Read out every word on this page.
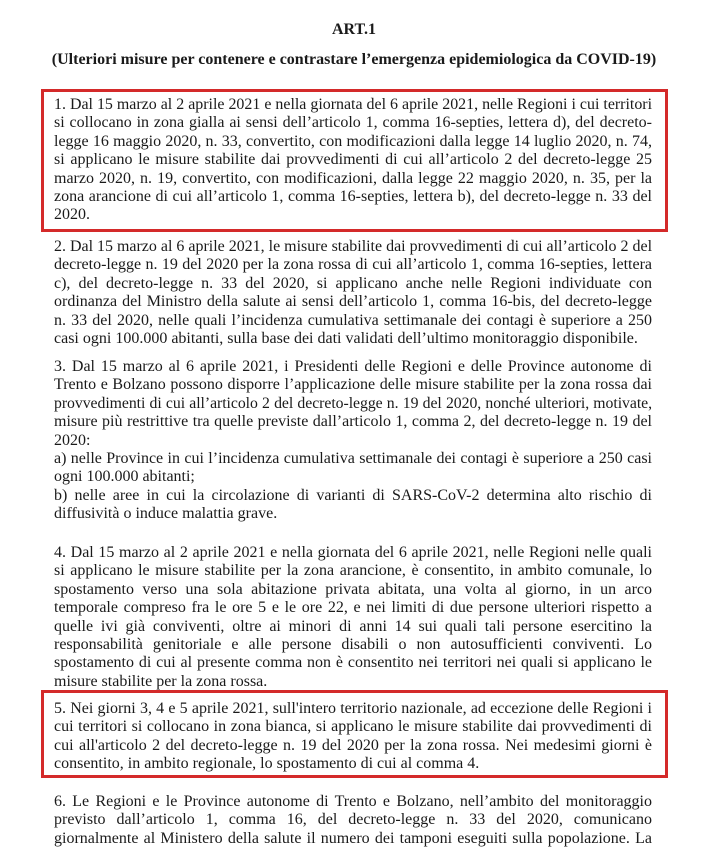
ART.1
(Ulteriori misure per contenere e contrastare l’emergenza epidemiologica da COVID-19)
1. Dal 15 marzo al 2 aprile 2021 e nella giornata del 6 aprile 2021, nelle Regioni i cui territori
si collocano in zona gialla ai sensi dell’articolo 1, comma 16-septies, lettera d), del decreto-
legge 16 maggio 2020, n. 33, convertito, con modificazioni dalla legge 14 luglio 2020, n. 74,
si applicano le misure stabilite dai provvedimenti di cui all’articolo 2 del decreto-legge 25
marzo 2020, n. 19, convertito, con modificazioni, dalla legge 22 maggio 2020, n. 35, per la
zona arancione di cui all’articolo 1, comma 16-septies, lettera b), del decreto-legge n. 33 del
2020.
2. Dal 15 marzo al 6 aprile 2021, le misure stabilite dai provvedimenti di cui all’articolo 2 del
decreto-legge n. 19 del 2020 per la zona rossa di cui all’articolo 1, comma 16-septies, lettera
c), del decreto-legge n. 33 del 2020, si applicano anche nelle Regioni individuate con
ordinanza del Ministro della salute ai sensi dell’articolo 1, comma 16-bis, del decreto-legge
n. 33 del 2020, nelle quali l’incidenza cumulativa settimanale dei contagi è superiore a 250
casi ogni 100.000 abitanti, sulla base dei dati validati dell’ultimo monitoraggio disponibile.
3. Dal 15 marzo al 6 aprile 2021, i Presidenti delle Regioni e delle Province autonome di
Trento e Bolzano possono disporre l’applicazione delle misure stabilite per la zona rossa dai
provvedimenti di cui all’articolo 2 del decreto-legge n. 19 del 2020, nonché ulteriori, motivate,
misure più restrittive tra quelle previste dall’articolo 1, comma 2, del decreto-legge n. 19 del
2020:
a) nelle Province in cui l’incidenza cumulativa settimanale dei contagi è superiore a 250 casi
ogni 100.000 abitanti;
b) nelle aree in cui la circolazione di varianti di SARS-CoV-2 determina alto rischio di
diffusività o induce malattia grave.
4. Dal 15 marzo al 2 aprile 2021 e nella giornata del 6 aprile 2021, nelle Regioni nelle quali
si applicano le misure stabilite per la zona arancione, è consentito, in ambito comunale, lo
spostamento verso una sola abitazione privata abitata, una volta al giorno, in un arco
temporale compreso fra le ore 5 e le ore 22, e nei limiti di due persone ulteriori rispetto a
quelle ivi già conviventi, oltre ai minori di anni 14 sui quali tali persone esercitino la
responsabilità genitoriale e alle persone disabili o non autosufficienti conviventi. Lo
spostamento di cui al presente comma non è consentito nei territori nei quali si applicano le
misure stabilite per la zona rossa.
5. Nei giorni 3, 4 e 5 aprile 2021, sull'intero territorio nazionale, ad eccezione delle Regioni i
cui territori si collocano in zona bianca, si applicano le misure stabilite dai provvedimenti di
cui all'articolo 2 del decreto-legge n. 19 del 2020 per la zona rossa. Nei medesimi giorni è
consentito, in ambito regionale, lo spostamento di cui al comma 4.
6. Le Regioni e le Province autonome di Trento e Bolzano, nell’ambito del monitoraggio
previsto dall’articolo 1, comma 16, del decreto-legge n. 33 del 2020, comunicano
giornalmente al Ministero della salute il numero dei tamponi eseguiti sulla popolazione. La
